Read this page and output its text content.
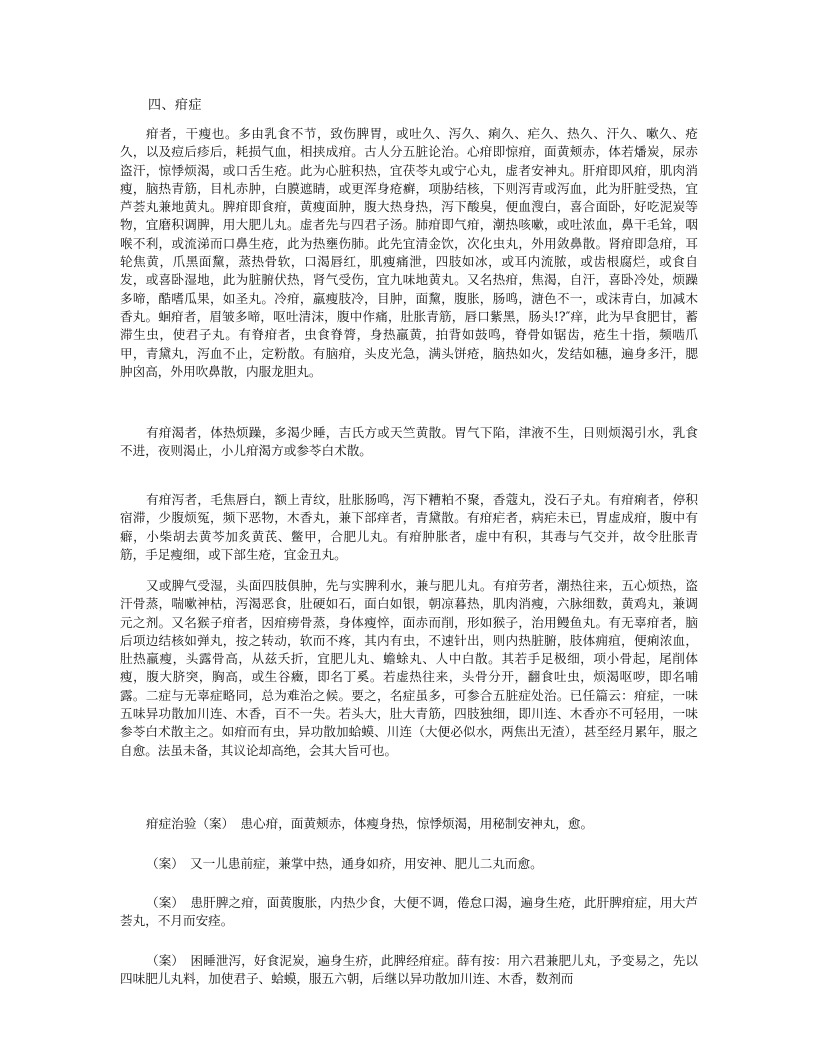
四、疳症

疳者，干瘦也。多由乳食不节，致伤脾胃，或吐久、泻久、痢久、疟久、热久、汗久、嗽久、疮久，以及痘后疹后，耗损气血，相挟成疳。古人分五脏论治。心疳即惊疳，面黄颊赤，体若燔炭，尿赤盗汗，惊悸烦渴，或口舌生疮。此为心脏积热，宜茯苓丸或宁心丸，虚者安神丸。肝疳即风疳，肌肉消瘦，脑热青筋，目札赤肿，白膜遮睛，或更浑身疮癣，项胁结核，下则泻青或泻血，此为肝脏受热，宜芦荟丸兼地黄丸。脾疳即食疳，黄瘦面肿，腹大热身热，泻下酸臭，便血溲白，喜合面卧，好吃泥炭等物，宜磨积调脾，用大肥儿丸。虚者先与四君子汤。肺疳即气疳，潮热咳嗽，或吐浓血，鼻干毛耸，咽喉不利，或流涕而口鼻生疮，此为热壅伤肺。此先宜清金饮，次化虫丸，外用敛鼻散。肾疳即急疳，耳轮焦黄，爪黑面黧，蒸热骨软，口渴唇红，肌瘦痛泄，四肢如冰，或耳内流脓，或齿根腐烂，或食自发，或喜卧湿地，此为脏腑伏热，肾气受伤，宜九味地黄丸。又名热疳，焦渴，自汗，喜卧冷处，烦躁多啼，酷嗜瓜果，如圣丸。冷疳，羸瘦肢冷，目肿，面黧，腹胀，肠鸣，溏色不一，或沫青白，加减木香丸。蛔疳者，眉皱多啼，呕吐清沫，腹中作痛，肚胀青筋，唇口紫黑，肠头!?″痒，此为早食肥甘，蓄滞生虫，使君子丸。有脊疳者，虫食脊膂，身热羸黄，拍背如鼓鸣，脊骨如锯齿，疮生十指，频啮爪甲，青黛丸，泻血不止，定粉散。有脑疳，头皮光急，满头饼疮，脑热如火，发结如穗，遍身多汗，腮肿囟高，外用吹鼻散，内服龙胆丸。

有疳渴者，体热烦躁，多渴少睡，吉氏方或天竺黄散。胃气下陷，津液不生，日则烦渴引水，乳食不进，夜则渴止，小儿疳渴方或参苓白术散。

有疳泻者，毛焦唇白，额上青纹，肚胀肠鸣，泻下糟粕不聚，香蔻丸，没石子丸。有疳痢者，停积宿滞，少腹烦冤，频下恶物，木香丸，兼下部痒者，青黛散。有疳疟者，病疟未已，胃虚成疳，腹中有癖，小柴胡去黄芩加炙黄芪、鳖甲，合肥儿丸。有疳肿胀者，虚中有积，其毒与气交并，故令肚胀青筋，手足瘦细，或下部生疮，宜金丑丸。

又或脾气受湿，头面四肢俱肿，先与实脾利水，兼与肥儿丸。有疳劳者，潮热往来，五心烦热，盗汗骨蒸，喘嗽神枯，泻渴恶食，肚硬如石，面白如银，朝凉暮热，肌肉消瘦，六脉细数，黄鸡丸，兼调元之剂。又名猴子疳者，因疳痨骨蒸，身体瘦悴，面赤而削，形如猴子，治用鳗鱼丸。有无辜疳者，脑后项边结核如弹丸，按之转动，软而不疼，其内有虫，不速针出，则内热脏腑，肢体痈疽，便痢浓血，肚热羸瘦，头露骨高，从兹夭折，宜肥儿丸、蟾蜍丸、人中白散。其若手足极细，项小骨起，尾削体瘦，腹大脐突，胸高，或生谷癥，即名丁奚。若虚热往来，头骨分开，翻食吐虫，烦渴呕哕，即名哺露。二症与无辜症略同，总为难治之候。要之，名症虽多，可参合五脏症处治。已任篇云：疳症，一味五味异功散加川连、木香，百不一失。若头大，肚大青筋，四肢独细，即川连、木香亦不可轻用，一味参苓白术散主之。如疳而有虫，异功散加蛤蟆、川连（大便必似水，两焦出无渣），甚至经月累年，服之自愈。法虽未备，其议论却高绝，会其大旨可也。

疳症治验（案）　患心疳，面黄颊赤，体瘦身热，惊悸烦渴，用秘制安神丸，愈。

（案）　又一儿患前症，兼掌中热，通身如疥，用安神、肥儿二丸而愈。

（案）　患肝脾之疳，面黄腹胀，内热少食，大便不调，倦怠口渴，遍身生疮，此肝脾疳症，用大芦荟丸，不月而安痊。

（案）　困睡泄泻，好食泥炭，遍身生疥，此脾经疳症。薛有按：用六君兼肥儿丸，予变易之，先以四味肥儿丸料，加使君子、蛤蟆，服五六朝，后继以异功散加川连、木香，数剂而
